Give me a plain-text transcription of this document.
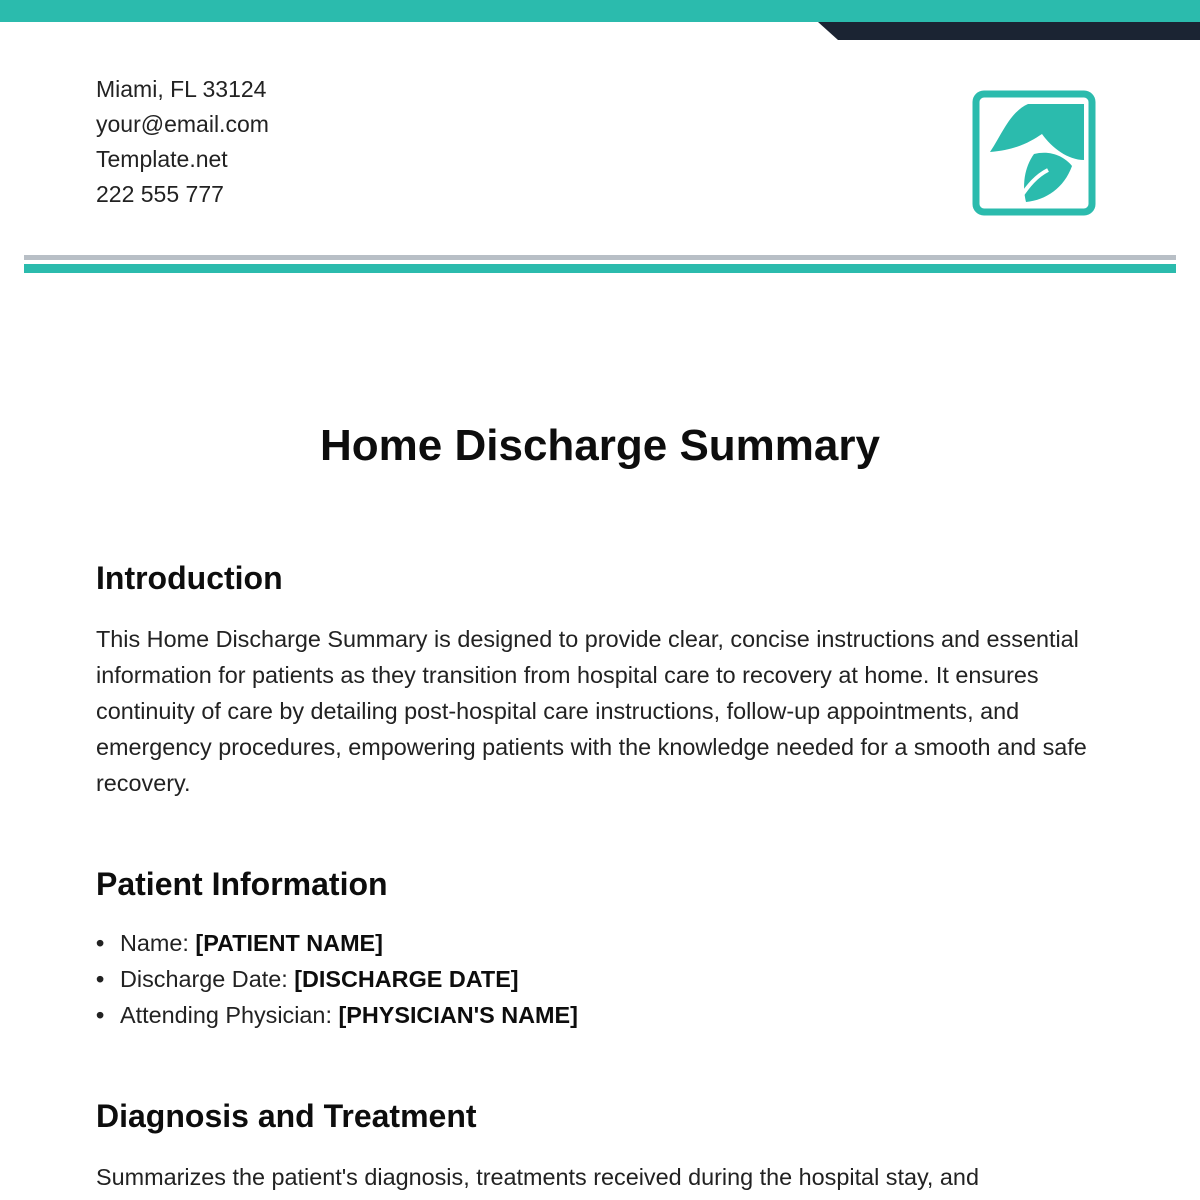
Miami, FL 33124
your@email.com
Template.net
222 555 777
Home Discharge Summary
Introduction

This Home Discharge Summary is designed to provide clear, concise instructions and essential information for patients as they transition from hospital care to recovery at home. It ensures continuity of care by detailing post-hospital care instructions, follow-up appointments, and emergency procedures, empowering patients with the knowledge needed for a smooth and safe recovery.

Patient Information
• Name: [PATIENT NAME]
• Discharge Date: [DISCHARGE DATE]
• Attending Physician: [PHYSICIAN'S NAME]
Diagnosis and Treatment

Summarizes the patient's diagnosis, treatments received during the hospital stay, and
